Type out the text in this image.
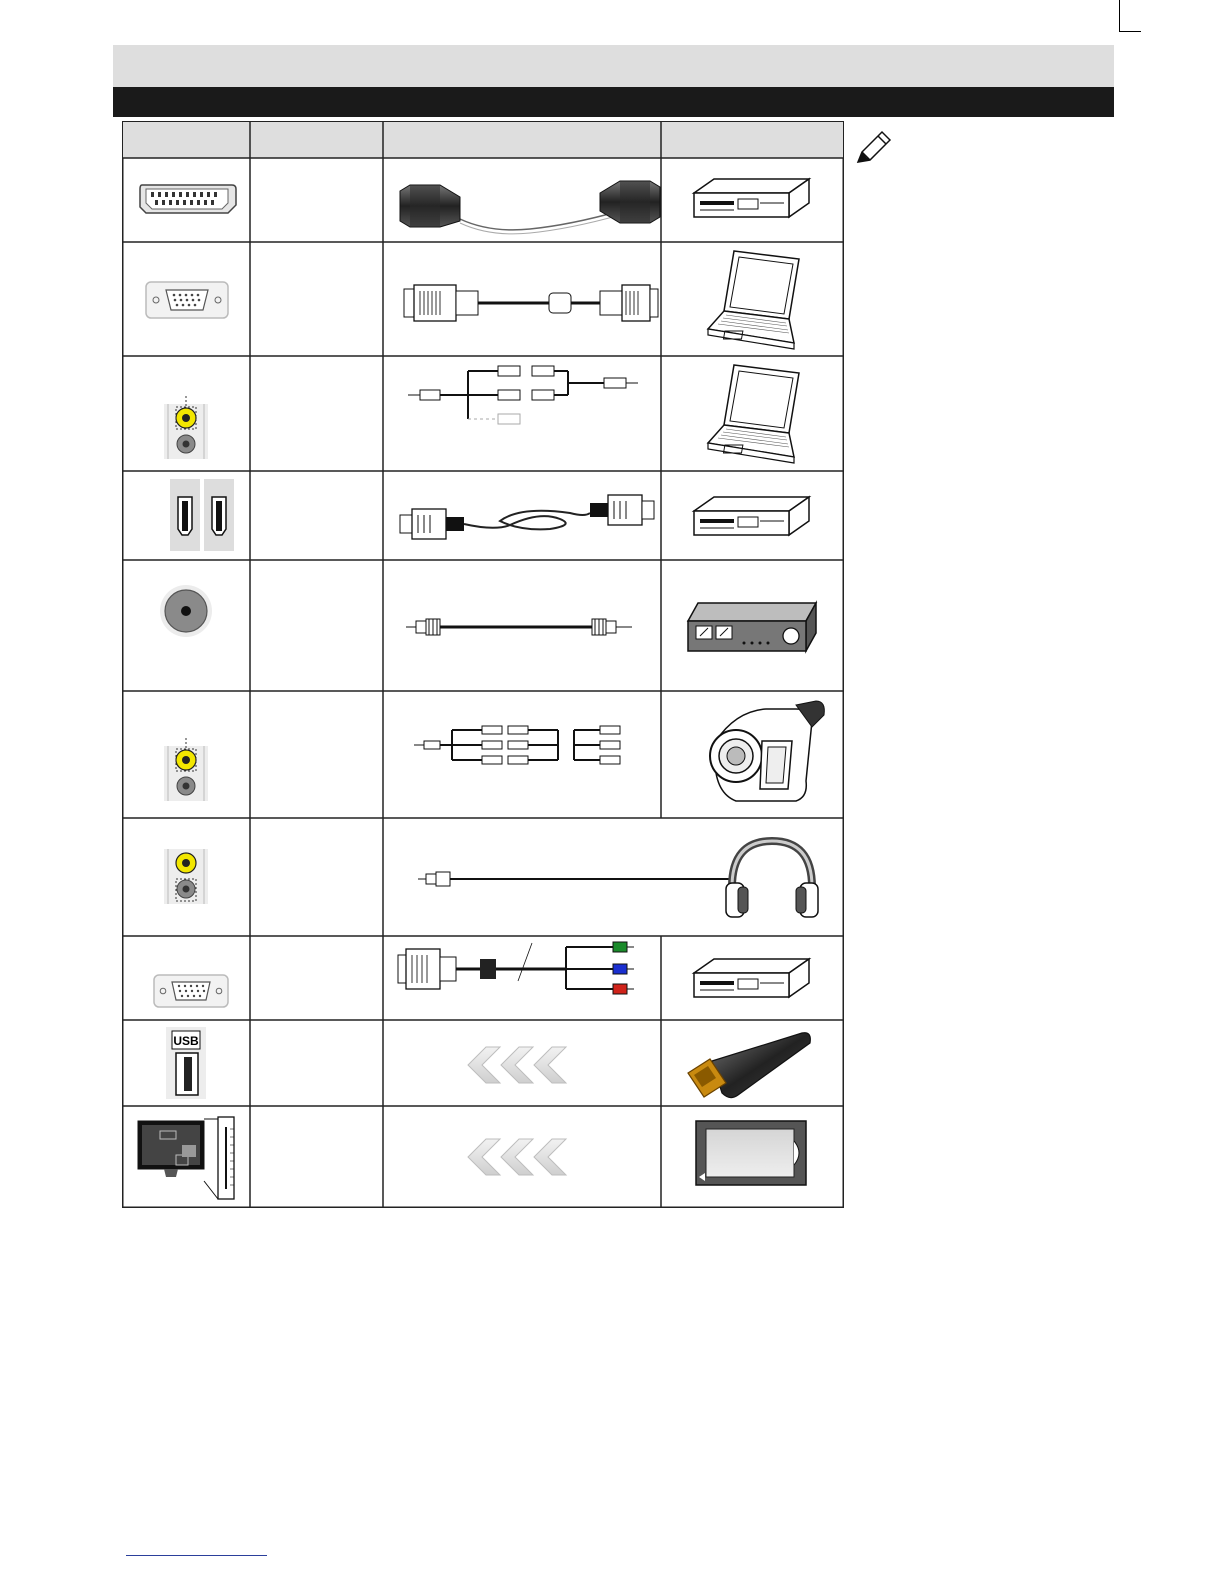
USB
